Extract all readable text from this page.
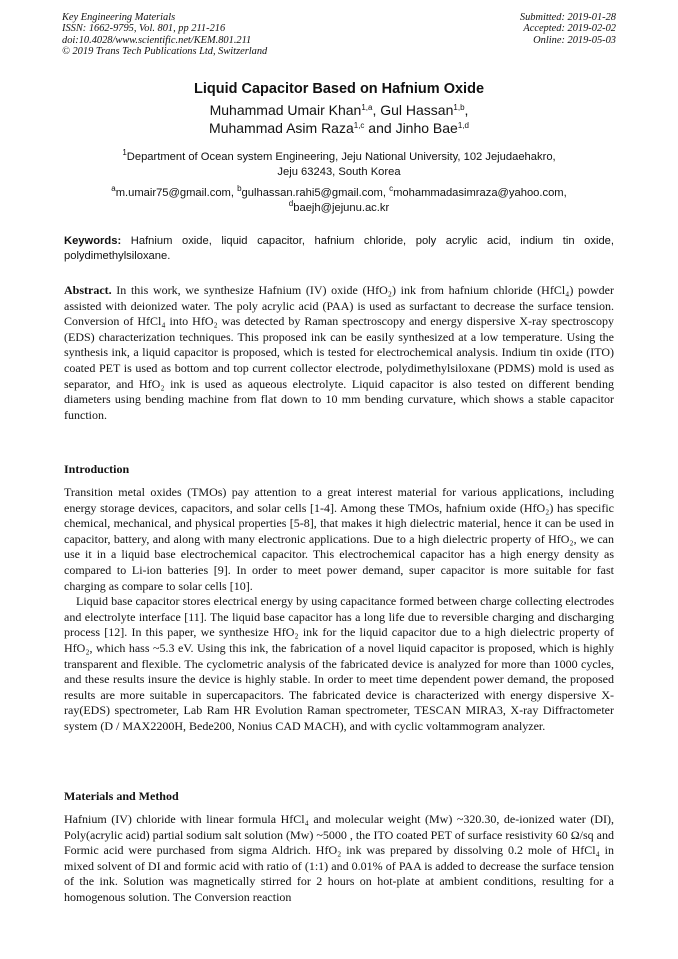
Key Engineering Materials
ISSN: 1662-9795, Vol. 801, pp 211-216
doi:10.4028/www.scientific.net/KEM.801.211
© 2019 Trans Tech Publications Ltd, Switzerland
Submitted: 2019-01-28
Accepted: 2019-02-02
Online: 2019-05-03
Liquid Capacitor Based on Hafnium Oxide
Muhammad Umair Khan$^{1,a}$, Gul Hassan$^{1,b}$,
Muhammad Asim Raza$^{1,c}$ and Jinho Bae$^{1,d}$
$^1$Department of Ocean system Engineering, Jeju National University, 102 Jejudaehakro,
Jeju 63243, South Korea
$^a$m.umair75@gmail.com, $^b$gulhassan.rahi5@gmail.com, $^c$mohammadasimraza@yahoo.com,
$^d$baejh@jejunu.ac.kr
Keywords: Hafnium oxide, liquid capacitor, hafnium chloride, poly acrylic acid, indium tin oxide, polydimethylsiloxane.

Abstract. In this work, we synthesize Hafnium (IV) oxide (HfO₂) ink from hafnium chloride (HfCl₄) powder assisted with deionized water. The poly acrylic acid (PAA) is used as surfactant to decrease the surface tension. Conversion of HfCl₄ into HfO₂ was detected by Raman spectroscopy and energy dispersive X-ray spectroscopy (EDS) characterization techniques. This proposed ink can be easily synthesized at a low temperature. Using the synthesis ink, a liquid capacitor is proposed, which is tested for electrochemical analysis. Indium tin oxide (ITO) coated PET is used as bottom and top current collector electrode, polydimethylsiloxane (PDMS) mold is used as separator, and HfO₂ ink is used as aqueous electrolyte. Liquid capacitor is also tested on different bending diameters using bending machine from flat down to 10 mm bending curvature, which shows a stable capacitor function.

Introduction

Transition metal oxides (TMOs) pay attention to a great interest material for various applications, including energy storage devices, capacitors, and solar cells [1-4]. Among these TMOs, hafnium oxide (HfO₂) has specific chemical, mechanical, and physical properties [5-8], that makes it high dielectric material, hence it can be used in capacitor, battery, and along with many electronic applications. Due to a high dielectric property of HfO₂, we can use it in a liquid base electrochemical capacitor. This electrochemical capacitor has a high energy density as compared to Li-ion batteries [9]. In order to meet power demand, super capacitor is more suitable for fast charging as compare to solar cells [10].

Liquid base capacitor stores electrical energy by using capacitance formed between charge collecting electrodes and electrolyte interface [11]. The liquid base capacitor has a long life due to reversible charging and discharging process [12]. In this paper, we synthesize HfO₂ ink for the liquid capacitor due to a high dielectric property of HfO₂, which hass ~5.3 eV. Using this ink, the fabrication of a novel liquid capacitor is proposed, which is highly transparent and flexible. The cyclometric analysis of the fabricated device is analyzed for more than 1000 cycles, and these results insure the device is highly stable. In order to meet time dependent power demand, the proposed results are more suitable in supercapacitors. The fabricated device is characterized with energy dispersive X-ray(EDS) spectrometer, Lab Ram HR Evolution Raman spectrometer, TESCAN MIRA3, X-ray Diffractometer system (D / MAX2200H, Bede200, Nonius CAD MACH), and with cyclic voltammogram analyzer.

Materials and Method

Hafnium (IV) chloride with linear formula HfCl₄ and molecular weight (Mw) ~320.30, de-ionized water (DI), Poly(acrylic acid) partial sodium salt solution (Mw) ~5000 , the ITO coated PET of surface resistivity 60 Ω/sq and Formic acid were purchased from sigma Aldrich. HfO₂ ink was prepared by dissolving 0.2 mole of HfCl₄ in mixed solvent of DI and formic acid with ratio of (1:1) and 0.01% of PAA is added to decrease the surface tension of the ink. Solution was magnetically stirred for 2 hours on hot-plate at ambient conditions, resulting for a homogenous solution. The Conversion reaction
